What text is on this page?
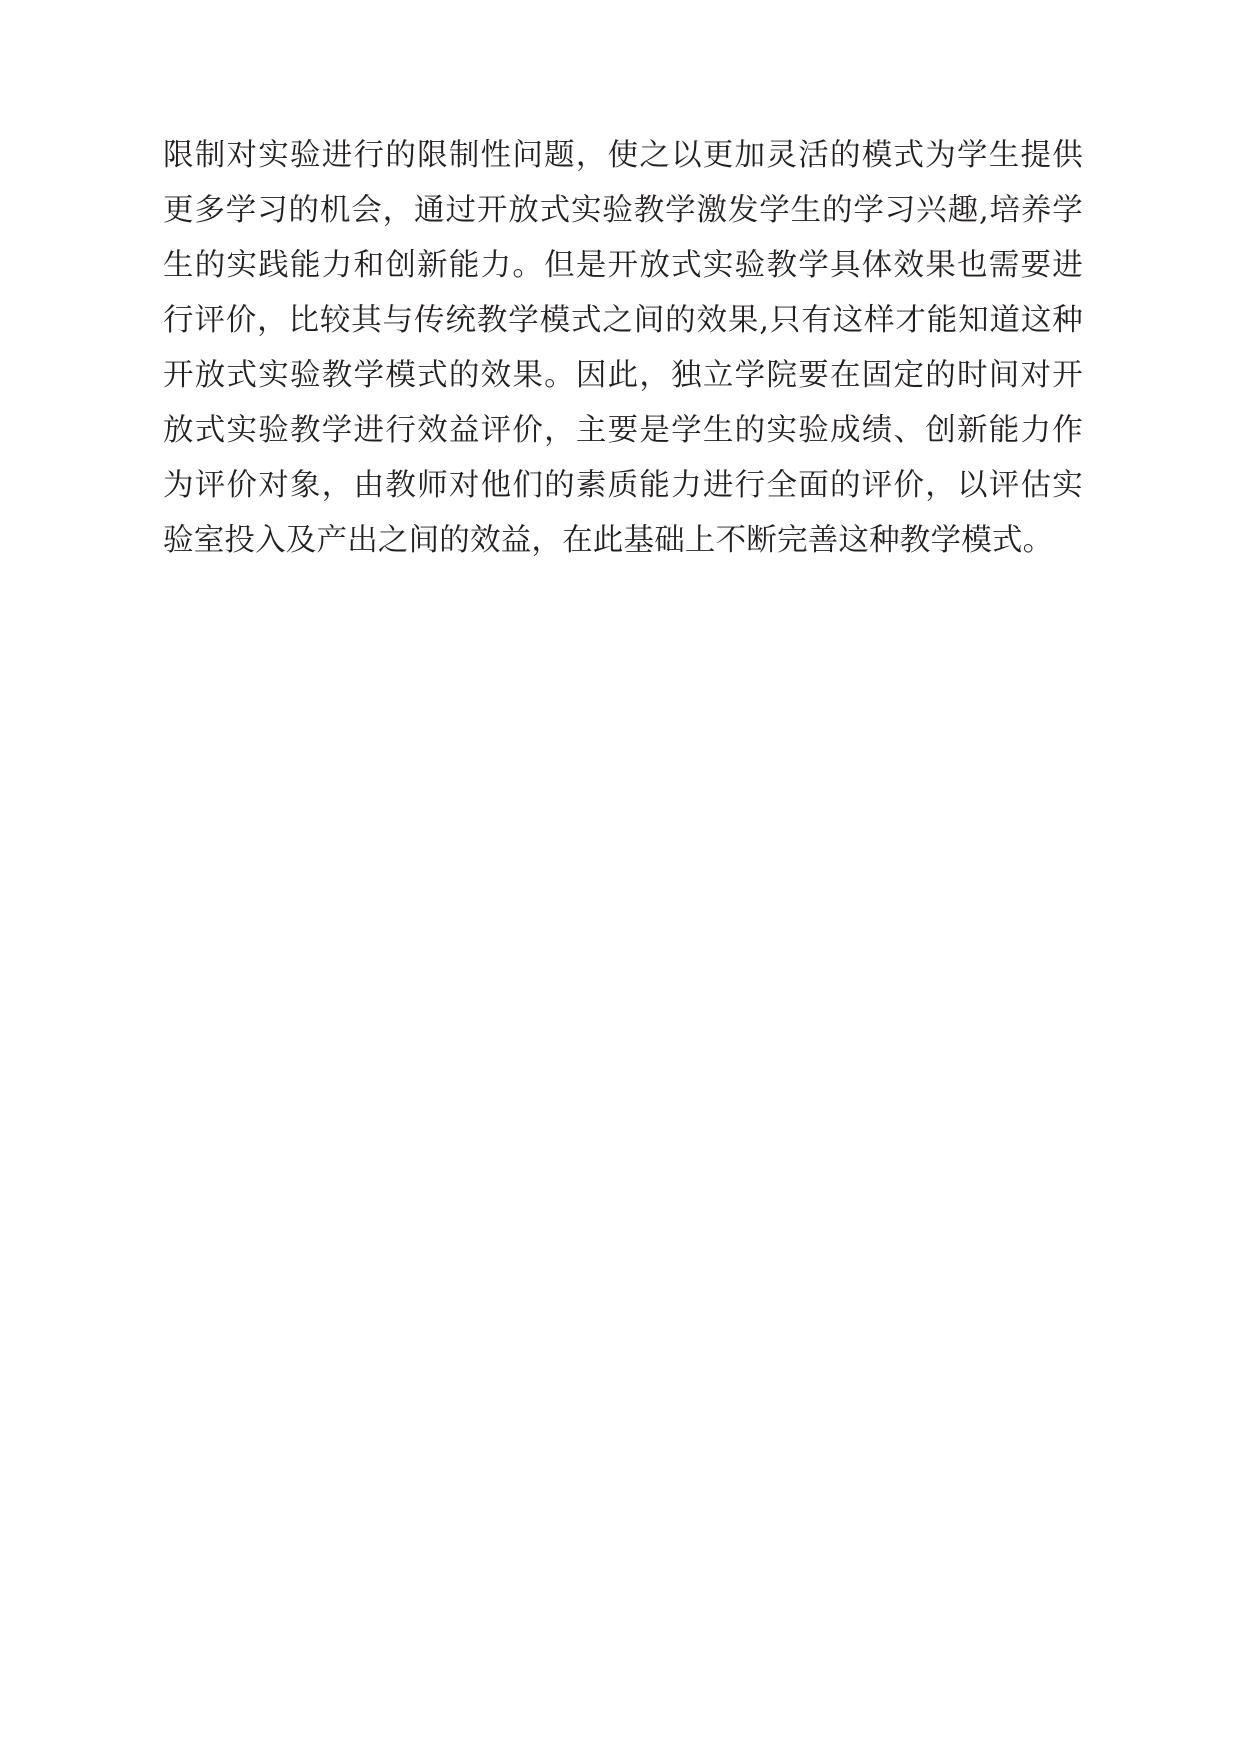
限制对实验进行的限制性问题，使之以更加灵活的模式为学生提供更多学习的机会，通过开放式实验教学激发学生的学习兴趣,培养学生的实践能力和创新能力。但是开放式实验教学具体效果也需要进行评价，比较其与传统教学模式之间的效果,只有这样才能知道这种开放式实验教学模式的效果。因此，独立学院要在固定的时间对开放式实验教学进行效益评价，主要是学生的实验成绩、创新能力作为评价对象，由教师对他们的素质能力进行全面的评价，以评估实验室投入及产出之间的效益，在此基础上不断完善这种教学模式。
